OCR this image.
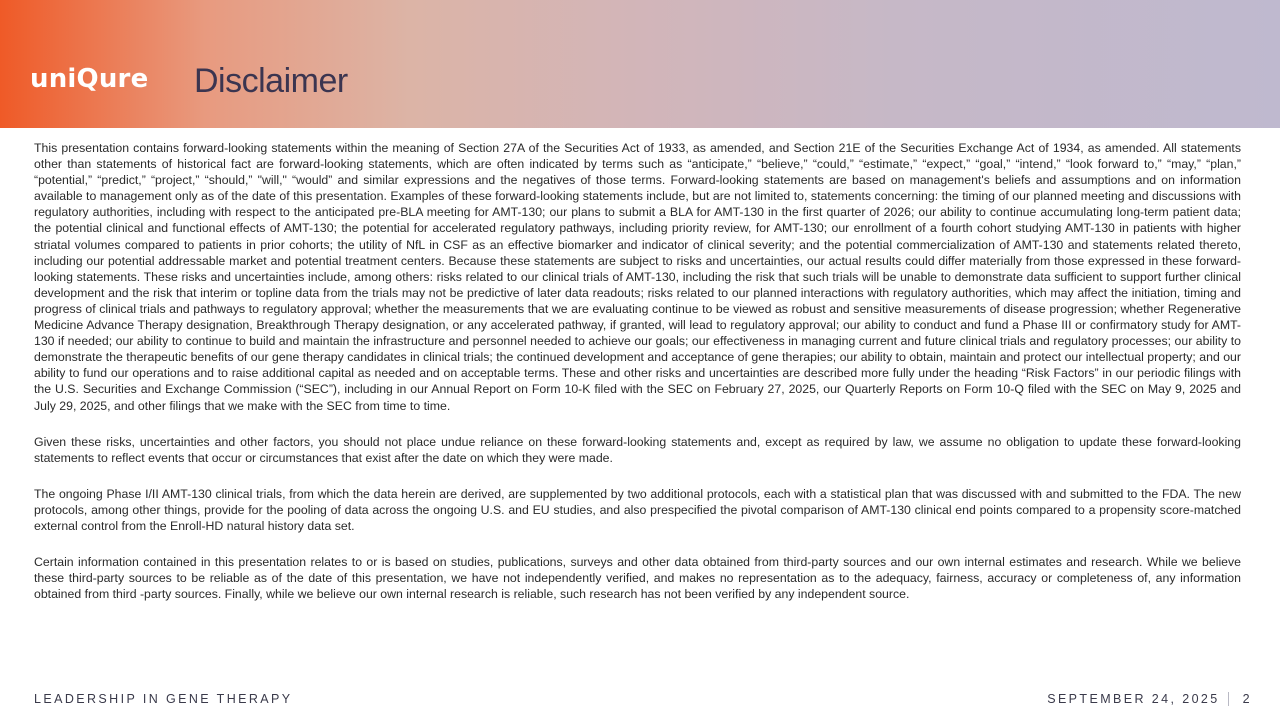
uniQure Disclaimer

This presentation contains forward-looking statements within the meaning of Section 27A of the Securities Act of 1933, as amended, and Section 21E of the Securities Exchange Act of 1934, as amended. All statements other than statements of historical fact are forward-looking statements, which are often indicated by terms such as “anticipate,” “believe,” “could,” “estimate,” “expect,” “goal,” “intend,” “look forward to,” “may,” “plan,” “potential,” “predict,” “project,” “should,” "will," “would” and similar expressions and the negatives of those terms. Forward-looking statements are based on management's beliefs and assumptions and on information available to management only as of the date of this presentation. Examples of these forward-looking statements include, but are not limited to, statements concerning: the timing of our planned meeting and discussions with regulatory authorities, including with respect to the anticipated pre-BLA meeting for AMT-130; our plans to submit a BLA for AMT-130 in the first quarter of 2026; our ability to continue accumulating long-term patient data; the potential clinical and functional effects of AMT-130; the potential for accelerated regulatory pathways, including priority review, for AMT-130; our enrollment of a fourth cohort studying AMT-130 in patients with higher striatal volumes compared to patients in prior cohorts; the utility of NfL in CSF as an effective biomarker and indicator of clinical severity; and the potential commercialization of AMT-130 and statements related thereto, including our potential addressable market and potential treatment centers. Because these statements are subject to risks and uncertainties, our actual results could differ materially from those expressed in these forward-looking statements. These risks and uncertainties include, among others: risks related to our clinical trials of AMT-130, including the risk that such trials will be unable to demonstrate data sufficient to support further clinical development and the risk that interim or topline data from the trials may not be predictive of later data readouts; risks related to our planned interactions with regulatory authorities, which may affect the initiation, timing and progress of clinical trials and pathways to regulatory approval; whether the measurements that we are evaluating continue to be viewed as robust and sensitive measurements of disease progression; whether Regenerative Medicine Advance Therapy designation, Breakthrough Therapy designation, or any accelerated pathway, if granted, will lead to regulatory approval; our ability to conduct and fund a Phase III or confirmatory study for AMT-130 if needed; our ability to continue to build and maintain the infrastructure and personnel needed to achieve our goals; our effectiveness in managing current and future clinical trials and regulatory processes; our ability to demonstrate the therapeutic benefits of our gene therapy candidates in clinical trials; the continued development and acceptance of gene therapies; our ability to obtain, maintain and protect our intellectual property; and our ability to fund our operations and to raise additional capital as needed and on acceptable terms. These and other risks and uncertainties are described more fully under the heading “Risk Factors” in our periodic filings with the U.S. Securities and Exchange Commission (“SEC”), including in our Annual Report on Form 10-K filed with the SEC on February 27, 2025, our Quarterly Reports on Form 10-Q filed with the SEC on May 9, 2025 and July 29, 2025, and other filings that we make with the SEC from time to time.

Given these risks, uncertainties and other factors, you should not place undue reliance on these forward-looking statements and, except as required by law, we assume no obligation to update these forward-looking statements to reflect events that occur or circumstances that exist after the date on which they were made.

The ongoing Phase I/II AMT-130 clinical trials, from which the data herein are derived, are supplemented by two additional protocols, each with a statistical plan that was discussed with and submitted to the FDA. The new protocols, among other things, provide for the pooling of data across the ongoing U.S. and EU studies, and also prespecified the pivotal comparison of AMT-130 clinical end points compared to a propensity score-matched external control from the Enroll-HD natural history data set.

Certain information contained in this presentation relates to or is based on studies, publications, surveys and other data obtained from third-party sources and our own internal estimates and research. While we believe these third-party sources to be reliable as of the date of this presentation, we have not independently verified, and makes no representation as to the adequacy, fairness, accuracy or completeness of, any information obtained from third -party sources. Finally, while we believe our own internal research is reliable, such research has not been verified by any independent source.

LEADERSHIP IN GENE THERAPY	SEPTEMBER 24, 2025 2
